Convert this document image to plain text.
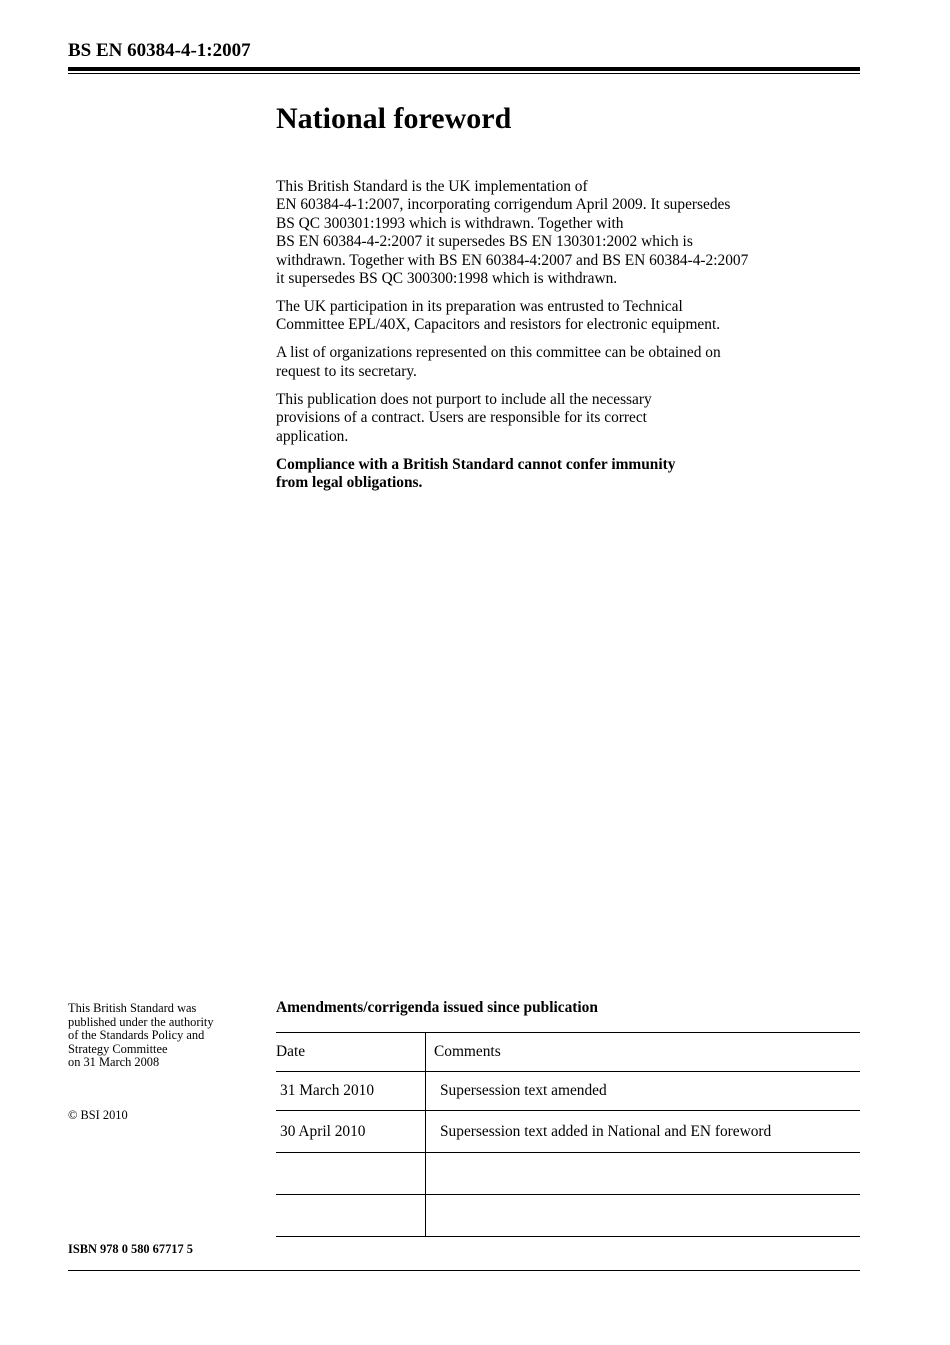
BS EN 60384-4-1:2007
National foreword

This British Standard is the UK implementation of
EN 60384-4-1:2007, incorporating corrigendum April 2009. It supersedes
BS QC 300301:1993 which is withdrawn. Together with
BS EN 60384-4-2:2007 it supersedes BS EN 130301:2002 which is
withdrawn. Together with BS EN 60384-4:2007 and BS EN 60384-4-2:2007
it supersedes BS QC 300300:1998 which is withdrawn.

The UK participation in its preparation was entrusted to Technical
Committee EPL/40X, Capacitors and resistors for electronic equipment.

A list of organizations represented on this committee can be obtained on
request to its secretary.

This publication does not purport to include all the necessary
provisions of a contract. Users are responsible for its correct
application.

Compliance with a British Standard cannot confer immunity
from legal obligations.

This British Standard was
published under the authority
of the Standards Policy and
Strategy Committee
on 31 March 2008
© BSI 2010
ISBN 978 0 580 67717 5
Amendments/corrigenda issued since publication
Date	Comments
31 March 2010	Supersession text amended
30 April 2010	Supersession text added in National and EN foreword
